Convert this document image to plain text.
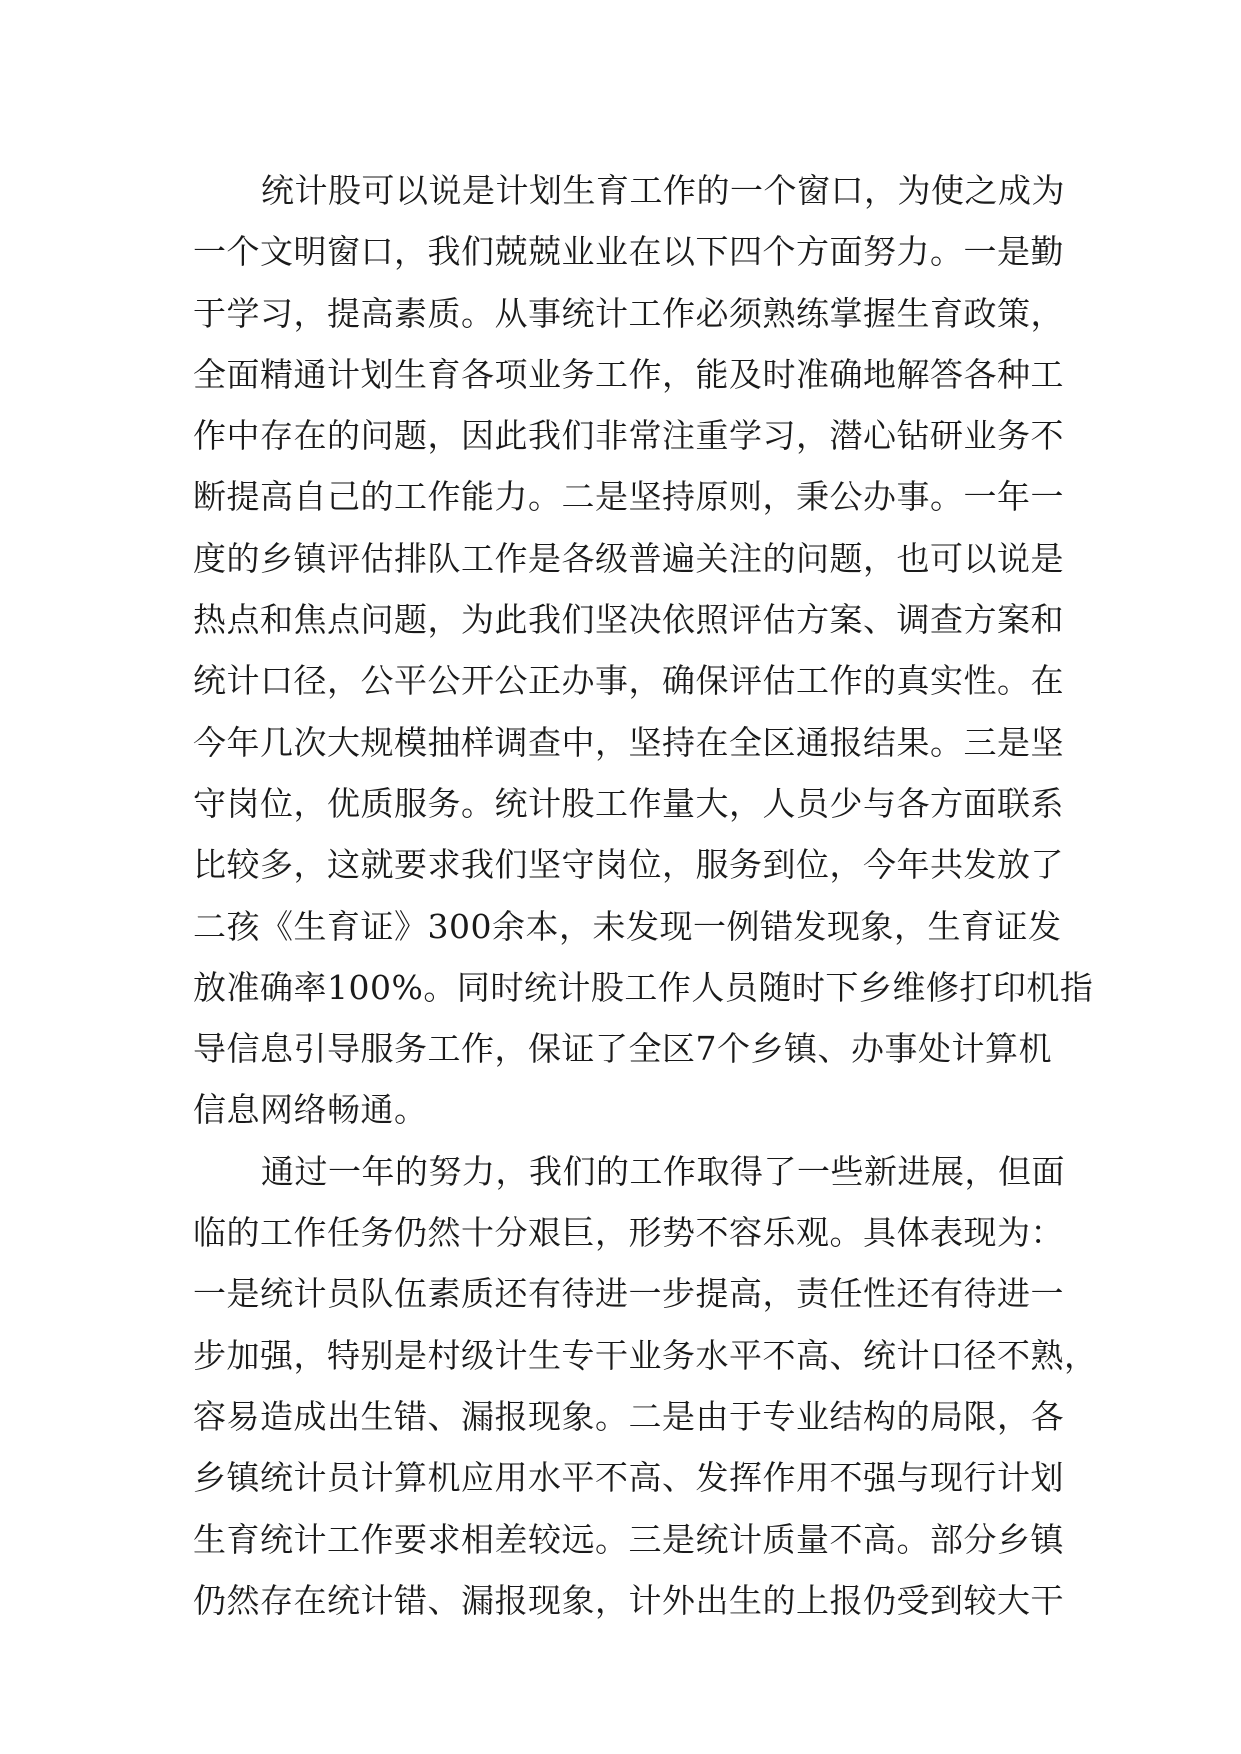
统计股可以说是计划生育工作的一个窗口，为使之成为
一个文明窗口，我们兢兢业业在以下四个方面努力。一是勤
于学习，提高素质。从事统计工作必须熟练掌握生育政策，
全面精通计划生育各项业务工作，能及时准确地解答各种工
作中存在的问题，因此我们非常注重学习，潜心钻研业务不
断提高自己的工作能力。二是坚持原则，秉公办事。一年一
度的乡镇评估排队工作是各级普遍关注的问题，也可以说是
热点和焦点问题，为此我们坚决依照评估方案、调查方案和
统计口径，公平公开公正办事，确保评估工作的真实性。在
今年几次大规模抽样调查中，坚持在全区通报结果。三是坚
守岗位，优质服务。统计股工作量大，人员少与各方面联系
比较多，这就要求我们坚守岗位，服务到位，今年共发放了
二孩《生育证》300余本，未发现一例错发现象，生育证发
放准确率100%。同时统计股工作人员随时下乡维修打印机指
导信息引导服务工作，保证了全区7个乡镇、办事处计算机
信息网络畅通。
通过一年的努力，我们的工作取得了一些新进展，但面
临的工作任务仍然十分艰巨，形势不容乐观。具体表现为：
一是统计员队伍素质还有待进一步提高，责任性还有待进一
步加强，特别是村级计生专干业务水平不高、统计口径不熟，
容易造成出生错、漏报现象。二是由于专业结构的局限，各
乡镇统计员计算机应用水平不高、发挥作用不强与现行计划
生育统计工作要求相差较远。三是统计质量不高。部分乡镇
仍然存在统计错、漏报现象，计外出生的上报仍受到较大干
